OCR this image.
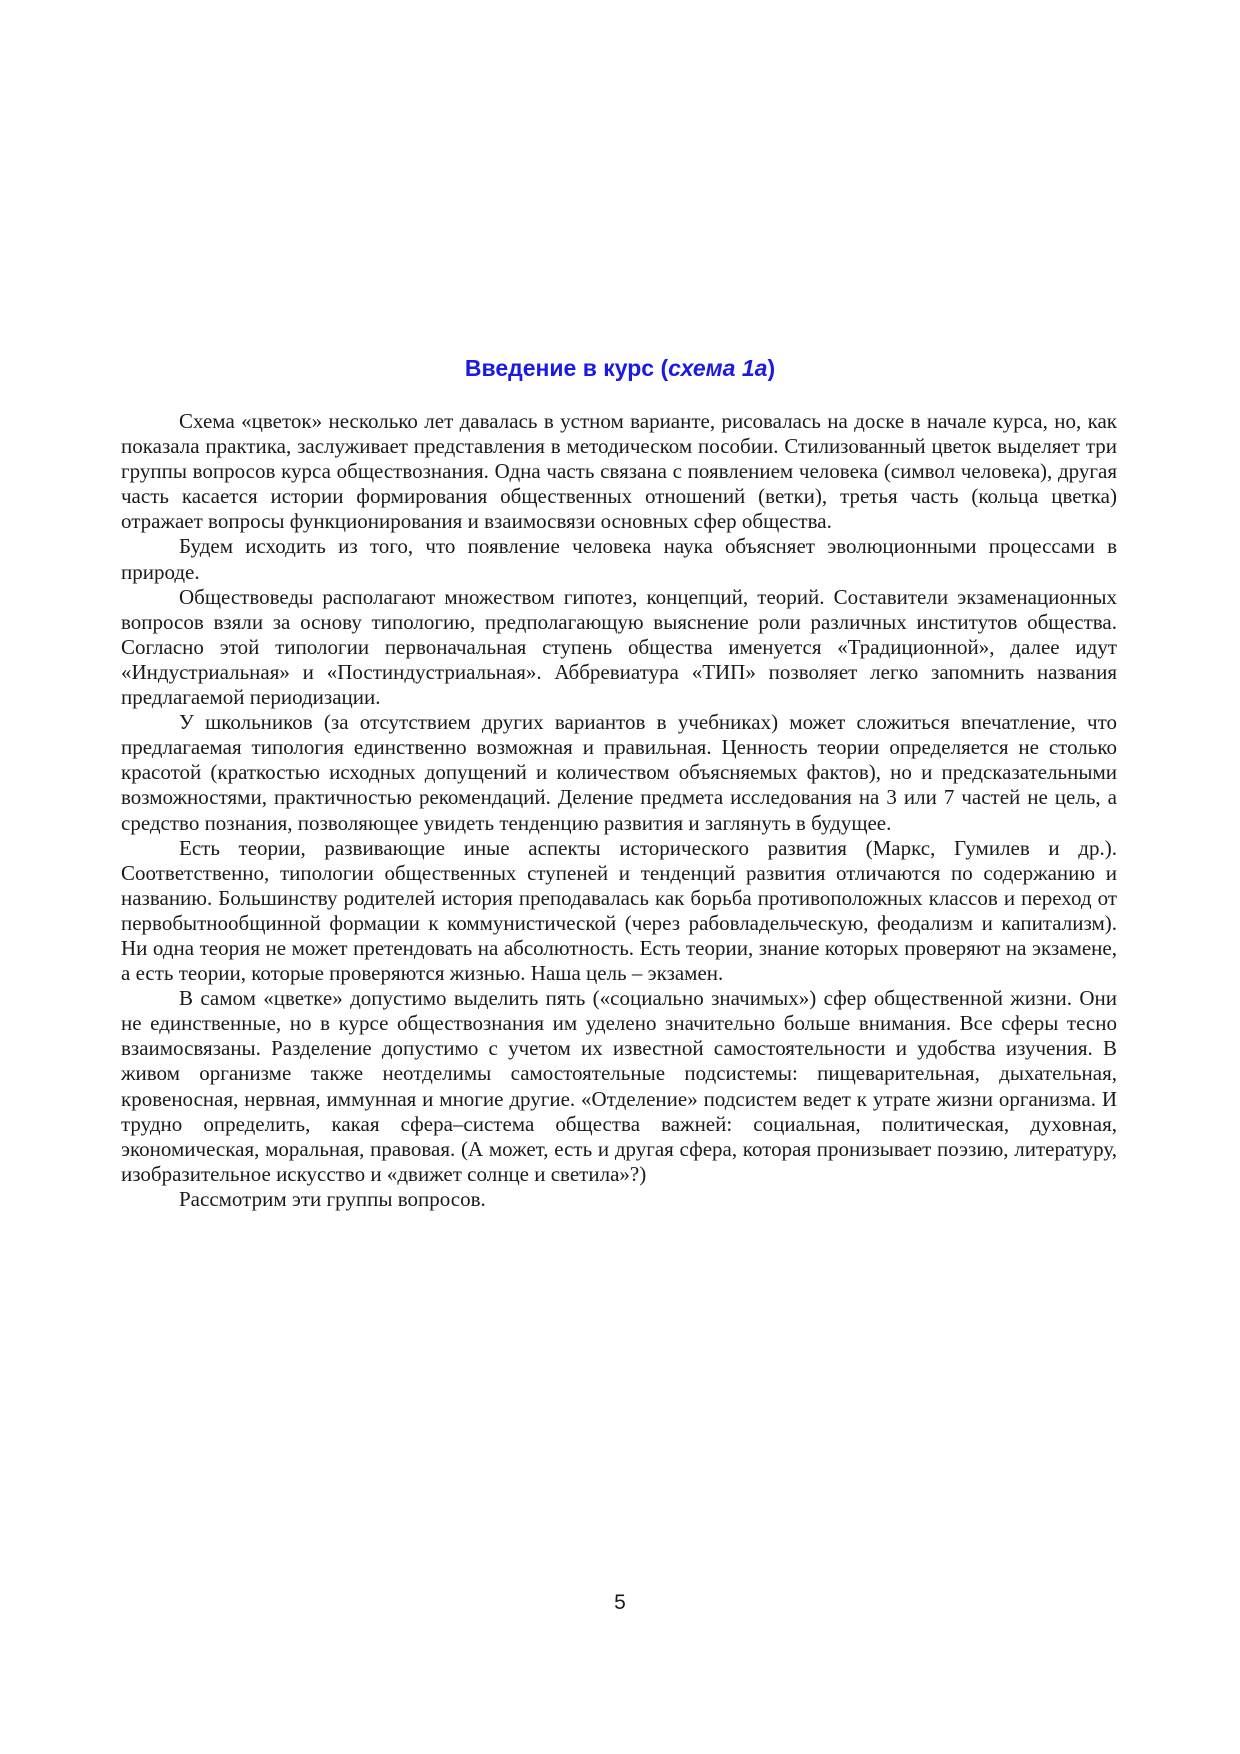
Введение в курс (схема 1а)

Схема «цветок» несколько лет давалась в устном варианте, рисовалась на доске в начале курса, но, как показала практика, заслуживает представления в методическом пособии. Стилизованный цветок выделяет три группы вопросов курса обществознания. Одна часть связана с появлением человека (символ человека), другая часть касается истории формирования общественных отношений (ветки), третья часть (кольца цветка) отражает вопросы функционирования и взаимосвязи основных сфер общества.

Будем исходить из того, что появление человека наука объясняет эволюционными процессами в природе.

Обществоведы располагают множеством гипотез, концепций, теорий. Составители экзаменационных вопросов взяли за основу типологию, предполагающую выяснение роли различных институтов общества. Согласно этой типологии первоначальная ступень общества именуется «Традиционной», далее идут «Индустриальная» и «Постиндустриальная». Аббревиатура «ТИП» позволяет легко запомнить названия предлагаемой периодизации.

У школьников (за отсутствием других вариантов в учебниках) может сложиться впечатление, что предлагаемая типология единственно возможная и правильная. Ценность теории определяется не столько красотой (краткостью исходных допущений и количеством объясняемых фактов), но и предсказательными возможностями, практичностью рекомендаций. Деление предмета исследования на 3 или 7 частей не цель, а средство познания, позволяющее увидеть тенденцию развития и заглянуть в будущее.

Есть теории, развивающие иные аспекты исторического развития (Маркс, Гумилев и др.). Соответственно, типологии общественных ступеней и тенденций развития отличаются по содержанию и названию. Большинству родителей история преподавалась как борьба противоположных классов и переход от первобытнообщинной формации к коммунистической (через рабовладельческую, феодализм и капитализм). Ни одна теория не может претендовать на абсолютность. Есть теории, знание которых проверяют на экзамене, а есть теории, которые проверяются жизнью. Наша цель – экзамен.

В самом «цветке» допустимо выделить пять («социально значимых») сфер общественной жизни. Они не единственные, но в курсе обществознания им уделено значительно больше внимания. Все сферы тесно взаимосвязаны. Разделение допустимо с учетом их известной самостоятельности и удобства изучения. В живом организме также неотделимы самостоятельные подсистемы: пищеварительная, дыхательная, кровеносная, нервная, иммунная и многие другие. «Отделение» подсистем ведет к утрате жизни организма. И трудно определить, какая сфера–система общества важней: социальная, политическая, духовная, экономическая, моральная, правовая. (А может, есть и другая сфера, которая пронизывает поэзию, литературу, изобразительное искусство и «движет солнце и светила»?)

Рассмотрим эти группы вопросов.

5
